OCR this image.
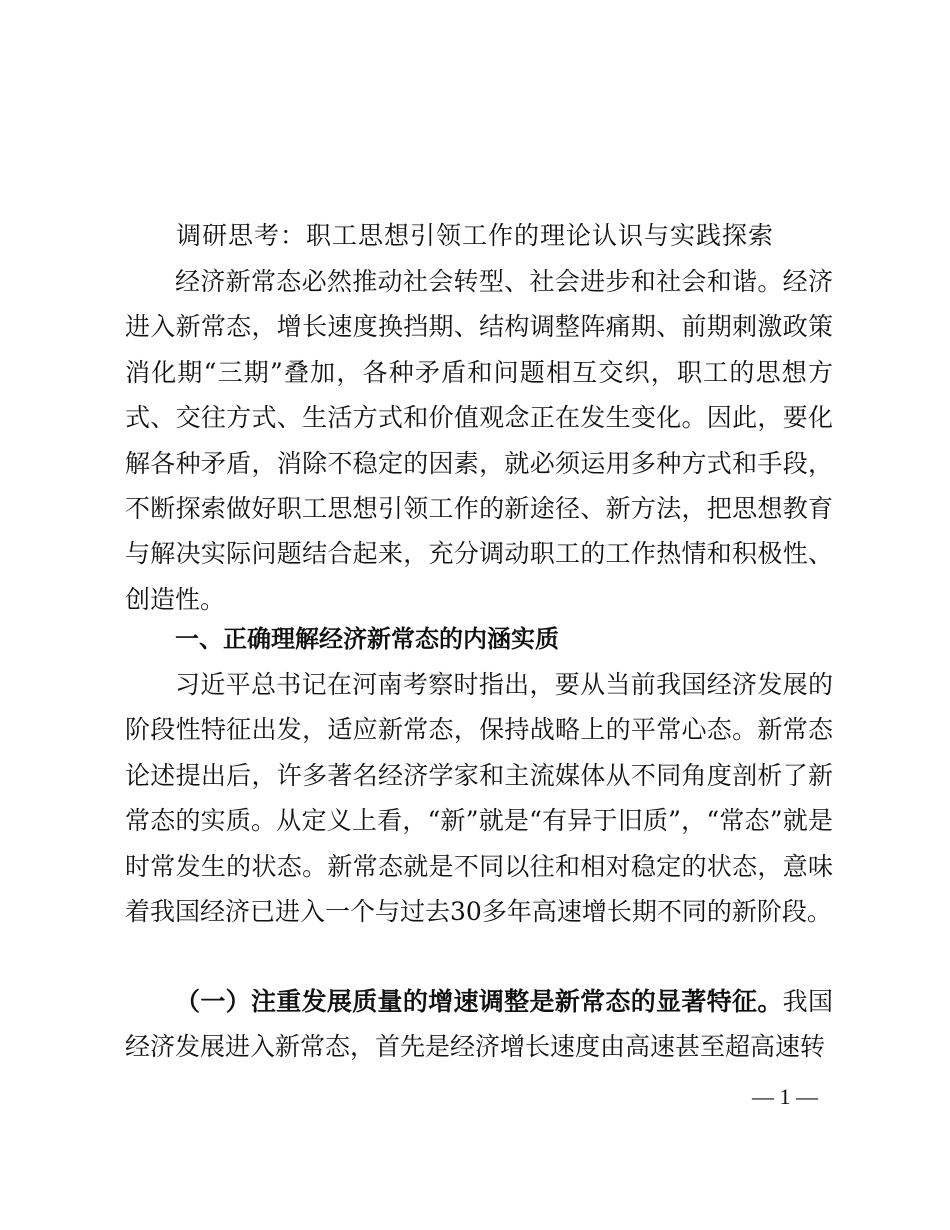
调研思考：职工思想引领工作的理论认识与实践探索

经济新常态必然推动社会转型、社会进步和社会和谐。经济进入新常态，增长速度换挡期、结构调整阵痛期、前期刺激政策消化期“三期”叠加，各种矛盾和问题相互交织，职工的思想方式、交往方式、生活方式和价值观念正在发生变化。因此，要化解各种矛盾，消除不稳定的因素，就必须运用多种方式和手段，不断探索做好职工思想引领工作的新途径、新方法，把思想教育与解决实际问题结合起来，充分调动职工的工作热情和积极性、创造性。

一、正确理解经济新常态的内涵实质

习近平总书记在河南考察时指出，要从当前我国经济发展的阶段性特征出发，适应新常态，保持战略上的平常心态。新常态论述提出后，许多著名经济学家和主流媒体从不同角度剖析了新常态的实质。从定义上看，“新”就是“有异于旧质”，“常态”就是时常发生的状态。新常态就是不同以往和相对稳定的状态，意味着我国经济已进入一个与过去30多年高速增长期不同的新阶段。

（一）注重发展质量的增速调整是新常态的显著特征。我国经济发展进入新常态，首先是经济增长速度由高速甚至超高速转

— 1 —
